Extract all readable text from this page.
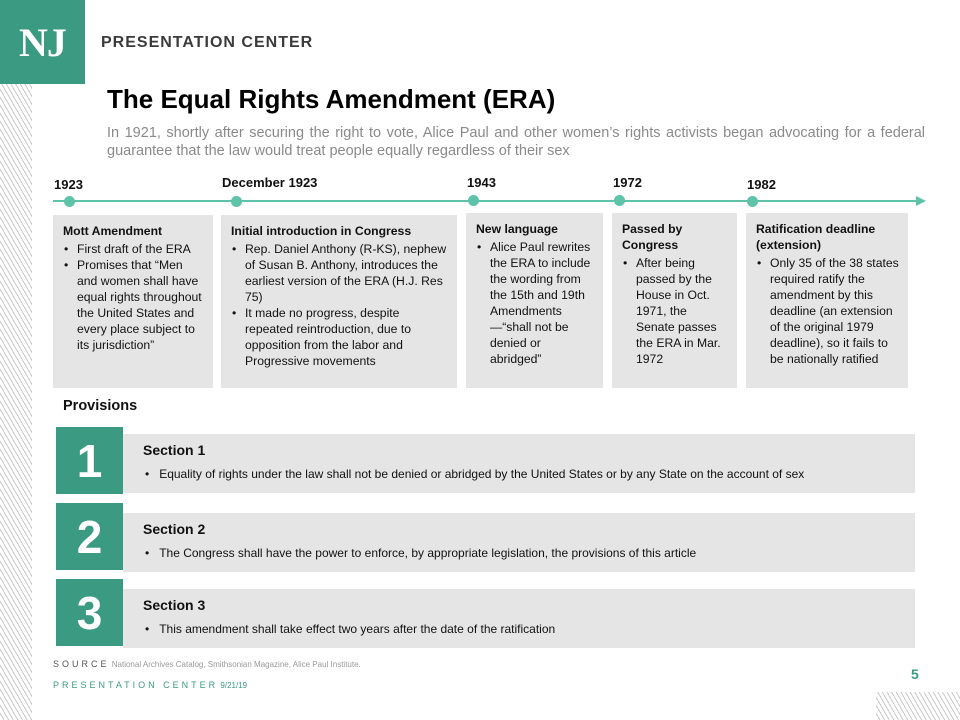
NJ PRESENTATION CENTER
The Equal Rights Amendment (ERA)

In 1921, shortly after securing the right to vote, Alice Paul and other women’s rights activists began advocating for a federal guarantee that the law would treat people equally regardless of their sex

1923	December 1923	1943	1972	1982
Mott Amendment
• First draft of the ERA
• Promises that “Men and women shall have equal rights throughout the United States and every place subject to its jurisdiction”
Initial introduction in Congress
• Rep. Daniel Anthony (R-KS), nephew of Susan B. Anthony, introduces the earliest version of the ERA (H.J. Res 75)
• It made no progress, despite repeated reintroduction, due to opposition from the labor and Progressive movements
New language
• Alice Paul rewrites the ERA to include the wording from the 15th and 19th Amendments—“shall not be denied or abridged”
Passed by Congress
• After being passed by the House in Oct. 1971, the Senate passes the ERA in Mar. 1972
Ratification deadline (extension)
• Only 35 of the 38 states required ratify the amendment by this deadline (an extension of the original 1979 deadline), so it fails to be nationally ratified
Provisions
Section 1
• Equality of rights under the law shall not be denied or abridged by the United States or by any State on the account of sex
1
Section 2
• The Congress shall have the power to enforce, by appropriate legislation, the provisions of this article
2
Section 3
• This amendment shall take effect two years after the date of the ratification
3
SOURCE National Archives Catalog, Smithsonian Magazine, Alice Paul Institute.
PRESENTATION CENTER 9/21/19
5
